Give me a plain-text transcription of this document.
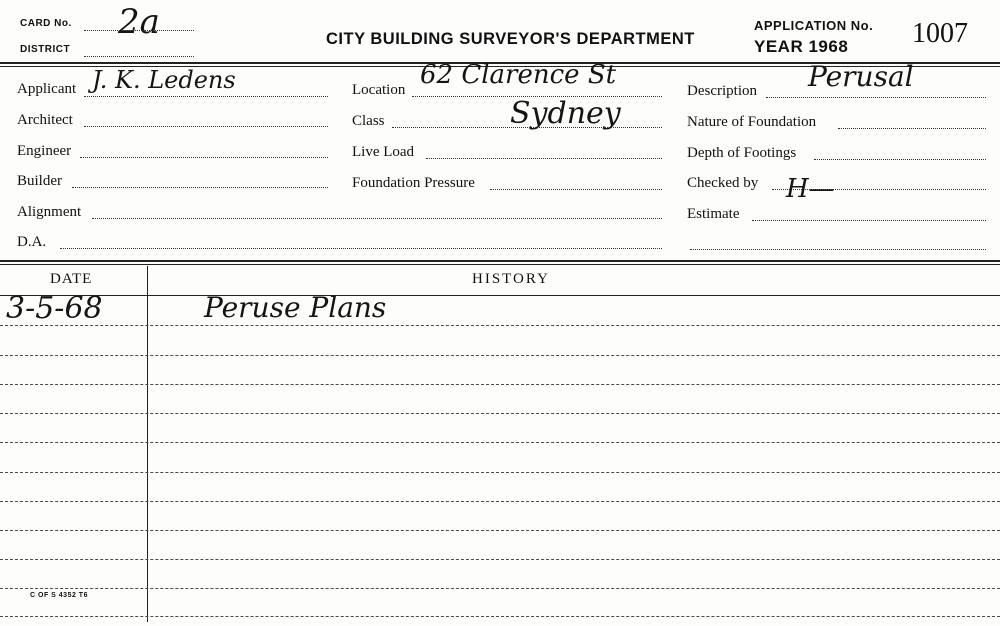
CARD No. 2a
DISTRICT
CITY BUILDING SURVEYOR'S DEPARTMENT
APPLICATION No.
YEAR 1968 1007
Applicant J. K. Ledens
Architect
Engineer
Builder
Alignment
D.A.
Location 62 Clarence St
Sydney
Class
Live Load
Foundation Pressure
Description Perusal
Nature of Foundation
Depth of Footings
Checked by H—
Estimate
DATE	HISTORY
3-5-68	Peruse Plans
C OF S 4352 T6
